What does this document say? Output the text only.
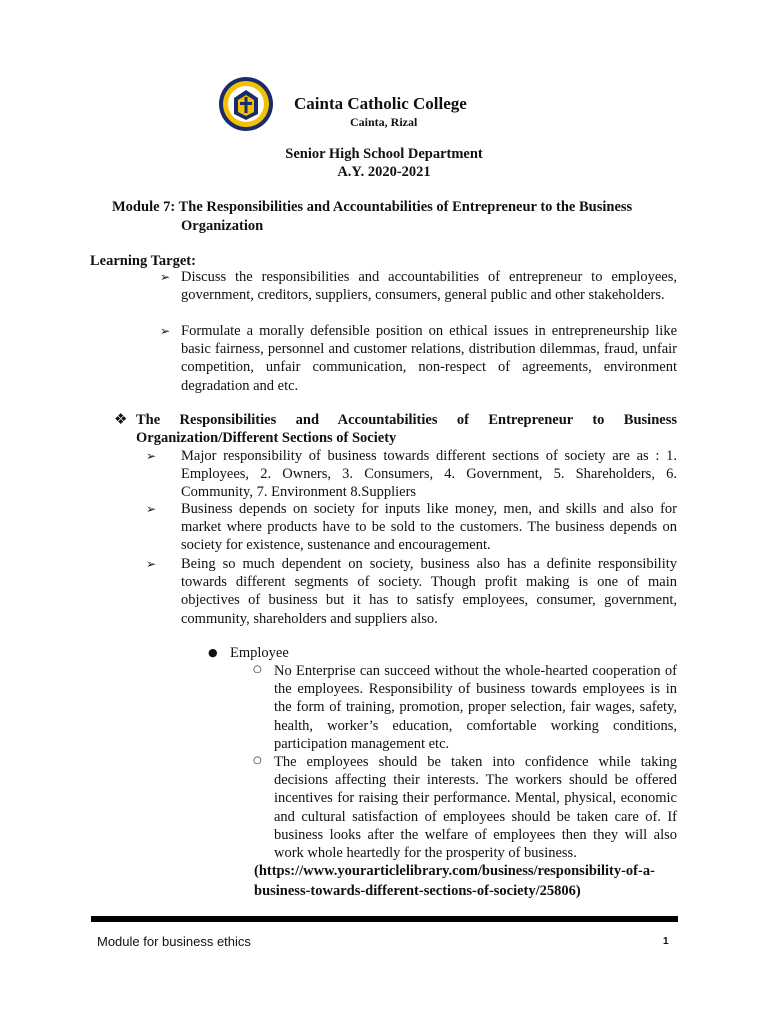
Cainta Catholic College
Cainta, Rizal
Senior High School Department
A.Y. 2020-2021
Module 7: The Responsibilities and Accountabilities of Entrepreneur to the Business
Organization
Learning Target:
➢ Discuss the responsibilities and accountabilities of entrepreneur to employees, government, creditors, suppliers, consumers, general public and other stakeholders.
➢ Formulate a morally defensible position on ethical issues in entrepreneurship like basic fairness, personnel and customer relations, distribution dilemmas, fraud, unfair competition, unfair communication, non-respect of agreements, environment degradation and etc.
❖ The Responsibilities and Accountabilities of Entrepreneur to Business
Organization/Different Sections of Society
➢ Major responsibility of business towards different sections of society are as : 1. Employees, 2. Owners, 3. Consumers, 4. Government, 5. Shareholders, 6. Community, 7. Environment 8.Suppliers
➢ Business depends on society for inputs like money, men, and skills and also for market where products have to be sold to the customers. The business depends on society for existence, sustenance and encouragement.
➢ Being so much dependent on society, business also has a definite responsibility towards different segments of society. Though profit making is one of main objectives of business but it has to satisfy employees, consumer, government, community, shareholders and suppliers also.
● Employee
○ No Enterprise can succeed without the whole-hearted cooperation of the employees. Responsibility of business towards employees is in the form of training, promotion, proper selection, fair wages, safety, health, worker’s education, comfortable working conditions, participation management etc.
○ The employees should be taken into confidence while taking decisions affecting their interests. The workers should be offered incentives for raising their performance. Mental, physical, economic and cultural satisfaction of employees should be taken care of. If business looks after the welfare of employees then they will also work whole heartedly for the prosperity of business.
(https://www.yourarticlelibrary.com/business/responsibility-of-a-
business-towards-different-sections-of-society/25806)
Module for business ethics	1
